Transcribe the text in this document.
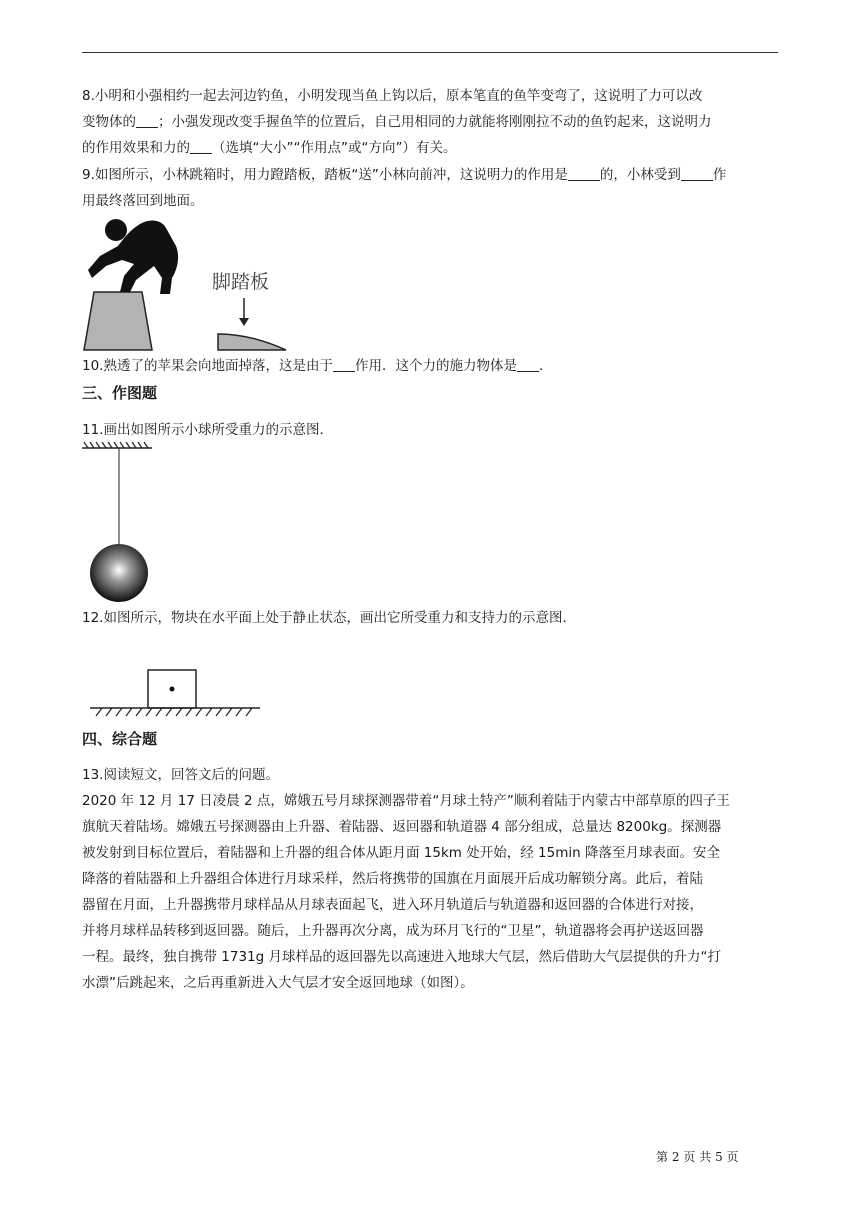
8.小明和小强相约一起去河边钓鱼，小明发现当鱼上钩以后，原本笔直的鱼竿变弯了，这说明了力可以改
变物体的 ；小强发现改变手握鱼竿的位置后，自己用相同的力就能将刚刚拉不动的鱼钓起来，这说明力
的作用效果和力的 （选填“大小”“作用点”或“方向”）有关。
9.如图所示，小林跳箱时，用力蹬踏板，踏板“送”小林向前冲，这说明力的作用是 的，小林受到 作
用最终落回到地面。
脚踏板
10.熟透了的苹果会向地面掉落，这是由于 作用．这个力的施力物体是 ．
三、作图题
11.画出如图所示小球所受重力的示意图．
12.如图所示，物块在水平面上处于静止状态，画出它所受重力和支持力的示意图．
四、综合题
13.阅读短文，回答文后的问题。
2020 年 12 月 17 日凌晨 2 点，嫦娥五号月球探测器带着“月球土特产”顺利着陆于内蒙古中部草原的四子王
旗航天着陆场。嫦娥五号探测器由上升器、着陆器、返回器和轨道器 4 部分组成，总量达 8200kg。探测器
被发射到目标位置后，着陆器和上升器的组合体从距月面 15km 处开始，经 15min 降落至月球表面。安全
降落的着陆器和上升器组合体进行月球采样，然后将携带的国旗在月面展开后成功解锁分离。此后，着陆
器留在月面，上升器携带月球样品从月球表面起飞，进入环月轨道后与轨道器和返回器的合体进行对接，
并将月球样品转移到返回器。随后，上升器再次分离，成为环月飞行的“卫星”，轨道器将会再护送返回器
一程。最终，独自携带 1731g 月球样品的返回器先以高速进入地球大气层，然后借助大气层提供的升力“打
水漂”后跳起来，之后再重新进入大气层才安全返回地球（如图）。
第 2 页 共 5 页
